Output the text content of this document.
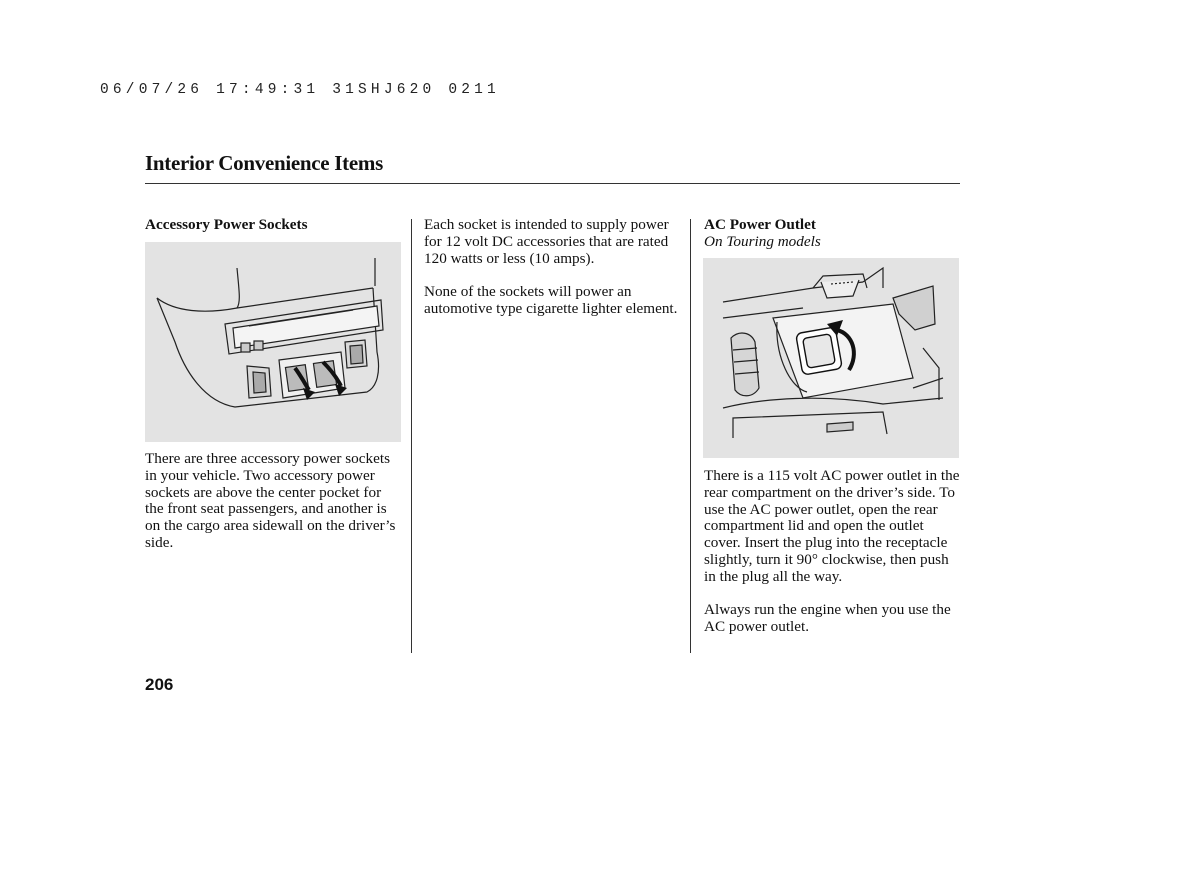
06/07/26 17:49:31 31SHJ620 0211
Interior Convenience Items

Accessory Power Sockets

There are three accessory power sockets in your vehicle. Two accessory power sockets are above the center pocket for the front seat passengers, and another is on the cargo area sidewall on the driver’s side.

Each socket is intended to supply power for 12 volt DC accessories that are rated 120 watts or less (10 amps).

None of the sockets will power an automotive type cigarette lighter element.

AC Power Outlet

On Touring models

There is a 115 volt AC power outlet in the rear compartment on the driver’s side. To use the AC power outlet, open the rear compartment lid and open the outlet cover. Insert the plug into the receptacle slightly, turn it 90° clockwise, then push in the plug all the way.

Always run the engine when you use the AC power outlet.

206
